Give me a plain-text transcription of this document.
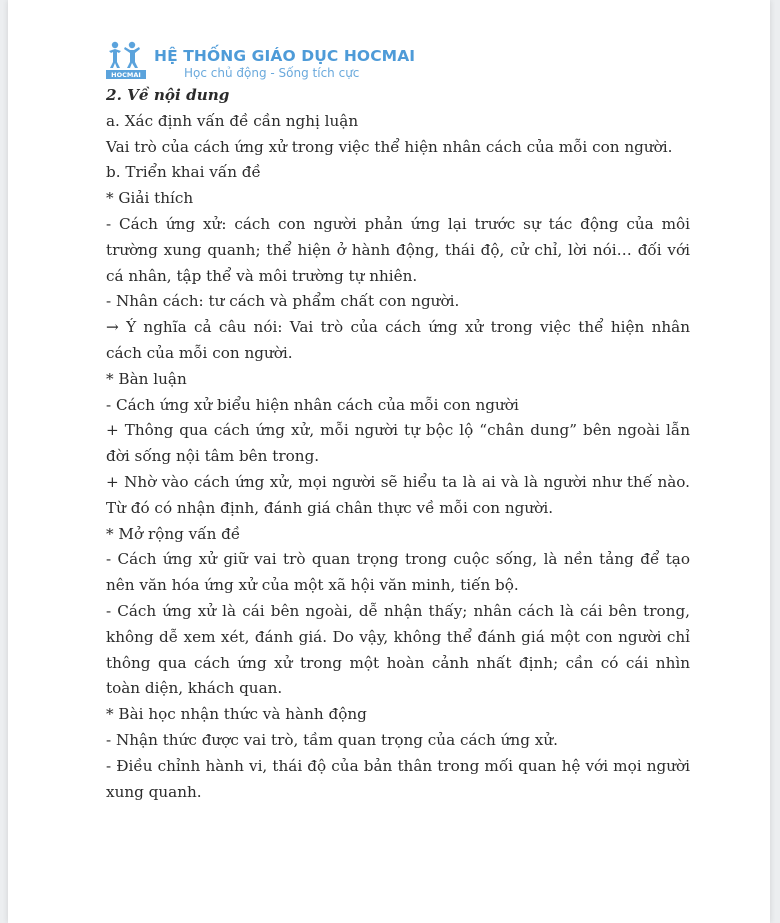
HOCMAI
HỆ THỐNG GIÁO DỤC HOCMAI
Học chủ động - Sống tích cực

2. Về nội dung

a. Xác định vấn đề cần nghị luận

Vai trò của cách ứng xử trong việc thể hiện nhân cách của mỗi con người.

b. Triển khai vấn đề

* Giải thích

- Cách ứng xử: cách con người phản ứng lại trước sự tác động của môi trường xung quanh; thể hiện ở hành động, thái độ, cử chỉ, lời nói… đối với cá nhân, tập thể và môi trường tự nhiên.

- Nhân cách: tư cách và phẩm chất con người.

→ Ý nghĩa cả câu nói: Vai trò của cách ứng xử trong việc thể hiện nhân cách của mỗi con người.

* Bàn luận

- Cách ứng xử biểu hiện nhân cách của mỗi con người

+ Thông qua cách ứng xử, mỗi người tự bộc lộ “chân dung” bên ngoài lẫn đời sống nội tâm bên trong.

+ Nhờ vào cách ứng xử, mọi người sẽ hiểu ta là ai và là người như thế nào. Từ đó có nhận định, đánh giá chân thực về mỗi con người.

* Mở rộng vấn đề

- Cách ứng xử giữ vai trò quan trọng trong cuộc sống, là nền tảng để tạo nên văn hóa ứng xử của một xã hội văn minh, tiến bộ.

- Cách ứng xử là cái bên ngoài, dễ nhận thấy; nhân cách là cái bên trong, không dễ xem xét, đánh giá. Do vậy, không thể đánh giá một con người chỉ thông qua cách ứng xử trong một hoàn cảnh nhất định; cần có cái nhìn toàn diện, khách quan.

* Bài học nhận thức và hành động

- Nhận thức được vai trò, tầm quan trọng của cách ứng xử.

- Điều chỉnh hành vi, thái độ của bản thân trong mối quan hệ với mọi người xung quanh.
